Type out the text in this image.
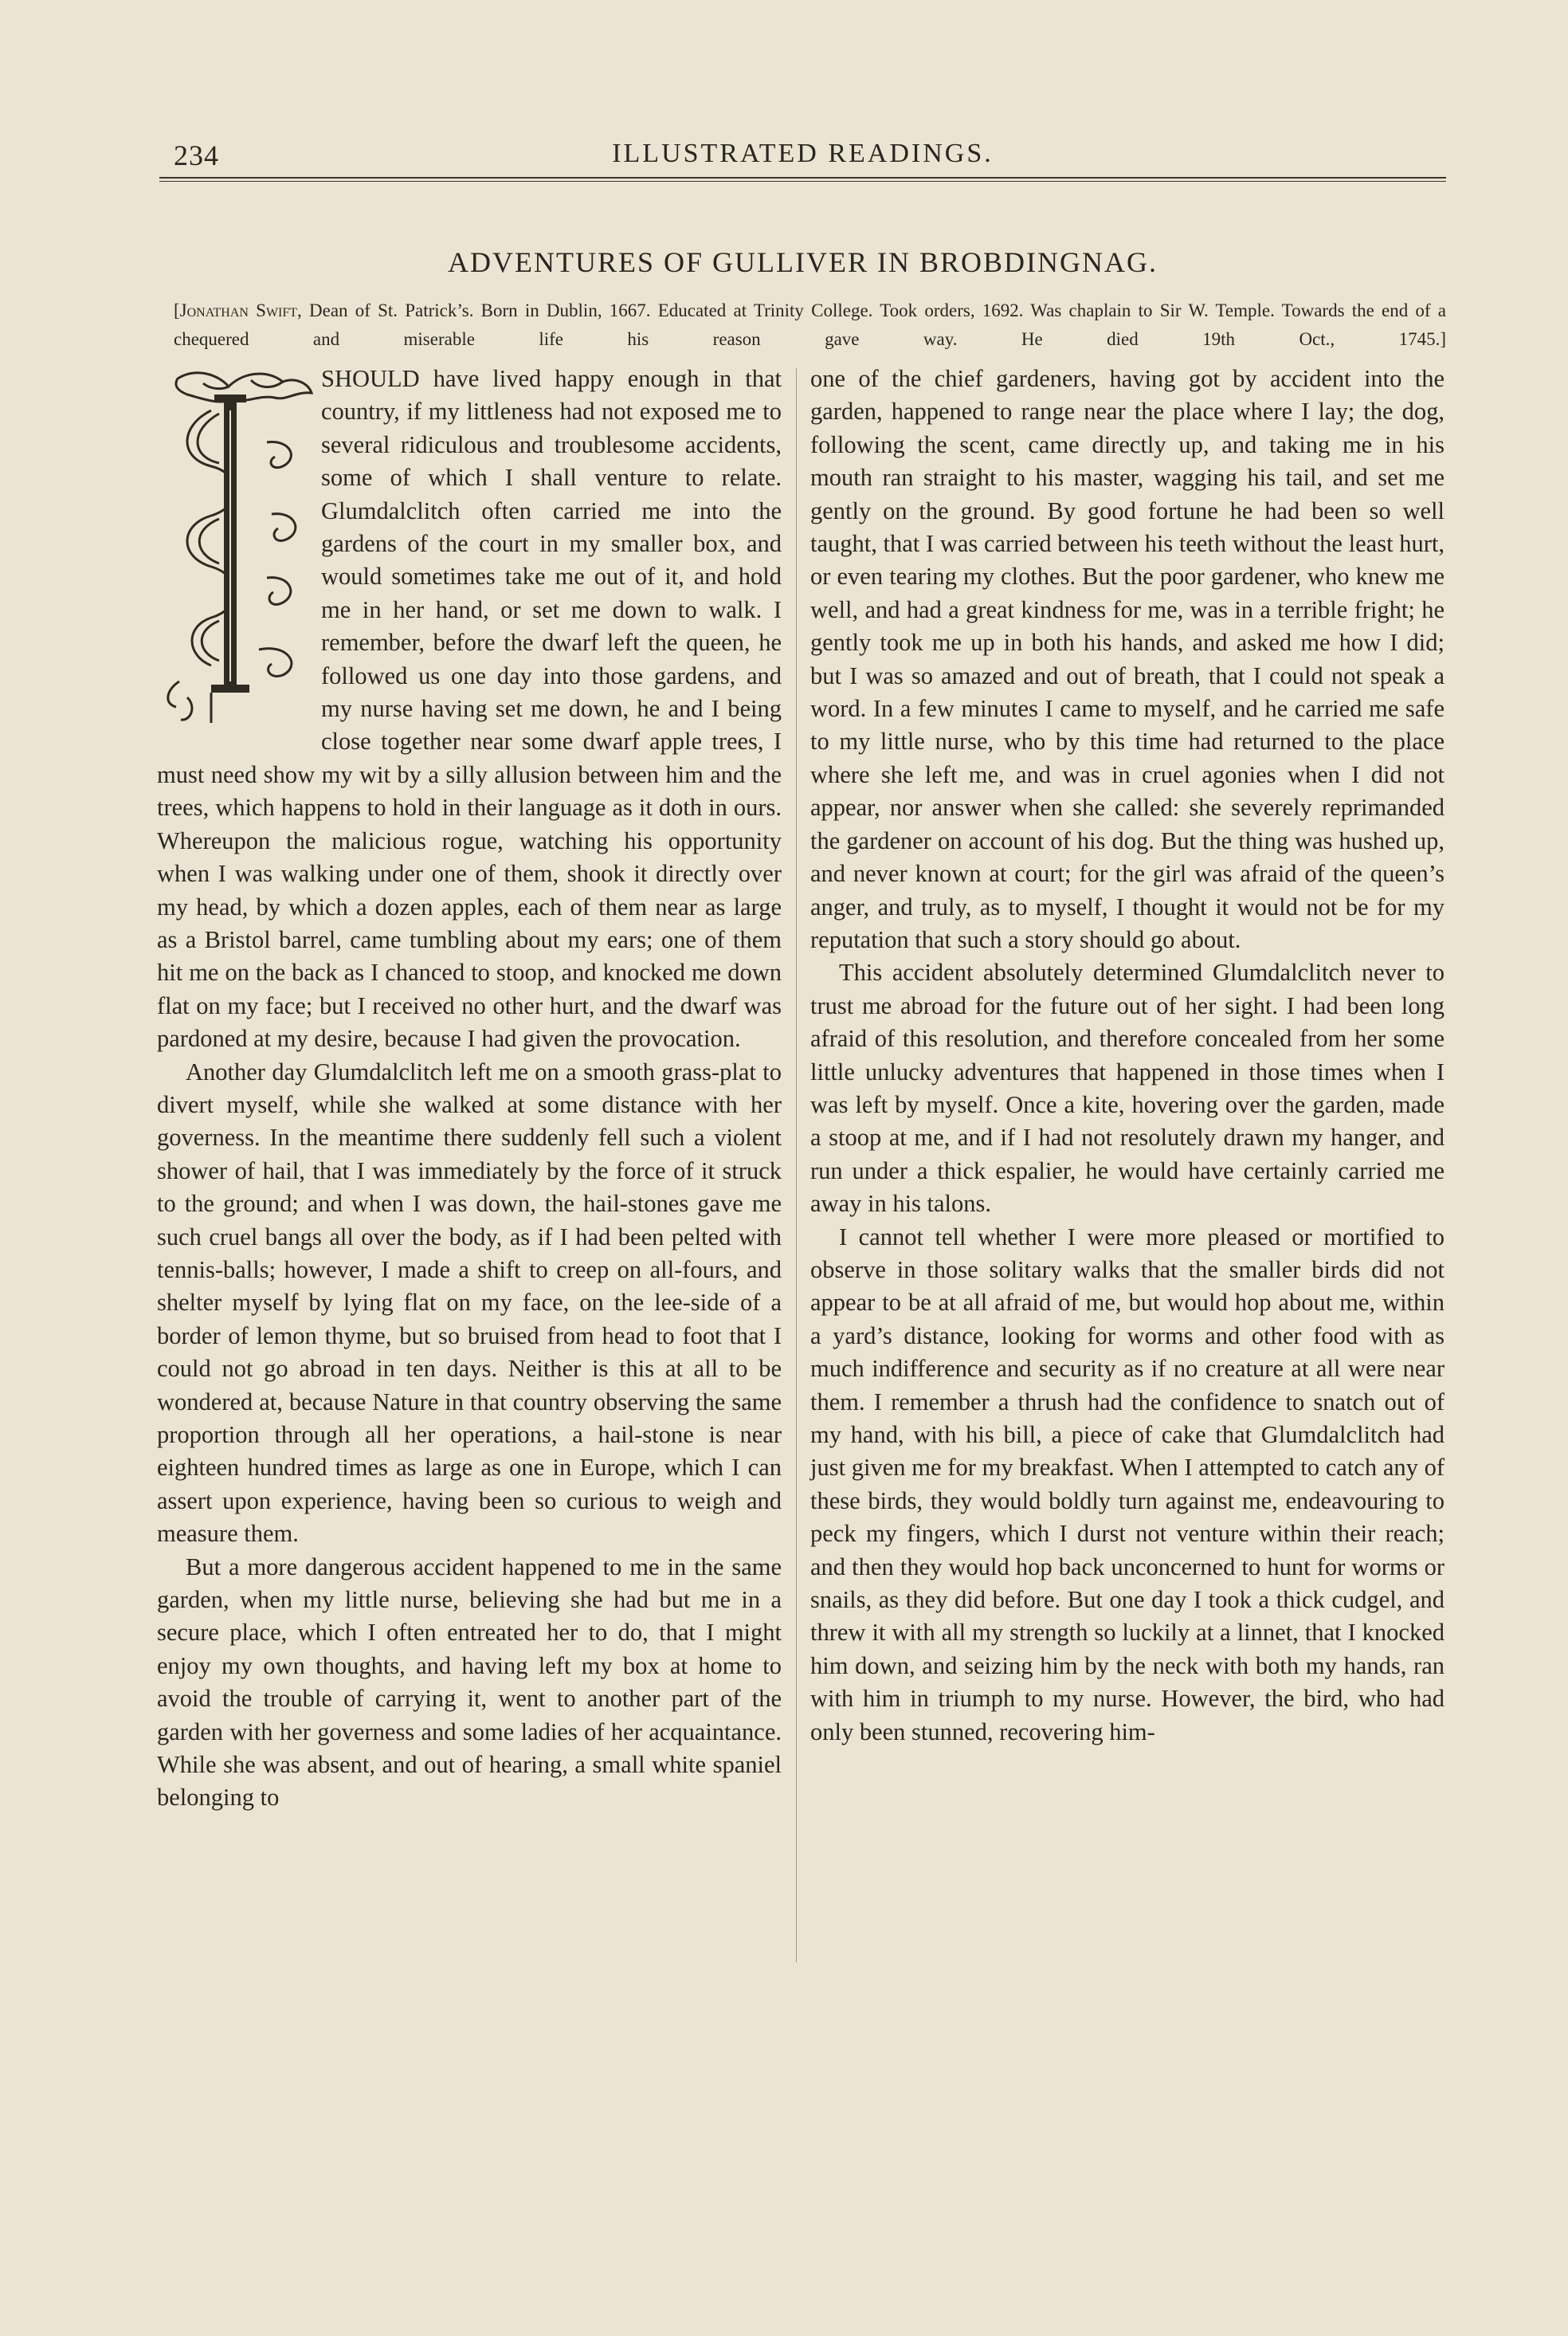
234	ILLUSTRATED READINGS.
ADVENTURES OF GULLIVER IN BROBDINGNAG.
[Jonathan Swift, Dean of St. Patrick’s. Born in Dublin, 1667. Educated at Trinity College. Took orders, 1692. Was chaplain to Sir W. Temple. Towards the end of a chequered and miserable life his reason gave way. He died 19th Oct., 1745.]

SHOULD have lived happy enough in that country, if my littleness had not exposed me to several ridiculous and troublesome accidents, some of which I shall venture to relate. Glumdalclitch often carried me into the gardens of the court in my smaller box, and would sometimes take me out of it, and hold me in her hand, or set me down to walk. I remember, before the dwarf left the queen, he followed us one day into those gardens, and my nurse having set me down, he and I being close together near some dwarf apple trees, I must need show my wit by a silly allusion between him and the trees, which happens to hold in their language as it doth in ours. Whereupon the malicious rogue, watching his opportunity when I was walking under one of them, shook it directly over my head, by which a dozen apples, each of them near as large as a Bristol barrel, came tumbling about my ears; one of them hit me on the back as I chanced to stoop, and knocked me down flat on my face; but I received no other hurt, and the dwarf was pardoned at my desire, because I had given the provocation.

Another day Glumdalclitch left me on a smooth grass-plat to divert myself, while she walked at some distance with her governess. In the meantime there suddenly fell such a violent shower of hail, that I was immediately by the force of it struck to the ground; and when I was down, the hail-stones gave me such cruel bangs all over the body, as if I had been pelted with tennis-balls; however, I made a shift to creep on all-fours, and shelter myself by lying flat on my face, on the lee-side of a border of lemon thyme, but so bruised from head to foot that I could not go abroad in ten days. Neither is this at all to be wondered at, because Nature in that country observing the same proportion through all her operations, a hail-stone is near eighteen hundred times as large as one in Europe, which I can assert upon experience, having been so curious to weigh and measure them.

But a more dangerous accident happened to me in the same garden, when my little nurse, believing she had but me in a secure place, which I often entreated her to do, that I might enjoy my own thoughts, and having left my box at home to avoid the trouble of carrying it, went to another part of the garden with her governess and some ladies of her acquaintance. While she was absent, and out of hearing, a small white spaniel belonging to

one of the chief gardeners, having got by accident into the garden, happened to range near the place where I lay; the dog, following the scent, came directly up, and taking me in his mouth ran straight to his master, wagging his tail, and set me gently on the ground. By good fortune he had been so well taught, that I was carried between his teeth without the least hurt, or even tearing my clothes. But the poor gardener, who knew me well, and had a great kindness for me, was in a terrible fright; he gently took me up in both his hands, and asked me how I did; but I was so amazed and out of breath, that I could not speak a word. In a few minutes I came to myself, and he carried me safe to my little nurse, who by this time had returned to the place where she left me, and was in cruel agonies when I did not appear, nor answer when she called: she severely reprimanded the gardener on account of his dog. But the thing was hushed up, and never known at court; for the girl was afraid of the queen’s anger, and truly, as to myself, I thought it would not be for my reputation that such a story should go about.

This accident absolutely determined Glumdalclitch never to trust me abroad for the future out of her sight. I had been long afraid of this resolution, and therefore concealed from her some little unlucky adventures that happened in those times when I was left by myself. Once a kite, hovering over the garden, made a stoop at me, and if I had not resolutely drawn my hanger, and run under a thick espalier, he would have certainly carried me away in his talons.

I cannot tell whether I were more pleased or mortified to observe in those solitary walks that the smaller birds did not appear to be at all afraid of me, but would hop about me, within a yard’s distance, looking for worms and other food with as much indifference and security as if no creature at all were near them. I remember a thrush had the confidence to snatch out of my hand, with his bill, a piece of cake that Glumdalclitch had just given me for my breakfast. When I attempted to catch any of these birds, they would boldly turn against me, endeavouring to peck my fingers, which I durst not venture within their reach; and then they would hop back unconcerned to hunt for worms or snails, as they did before. But one day I took a thick cudgel, and threw it with all my strength so luckily at a linnet, that I knocked him down, and seizing him by the neck with both my hands, ran with him in triumph to my nurse. However, the bird, who had only been stunned, recovering him-
